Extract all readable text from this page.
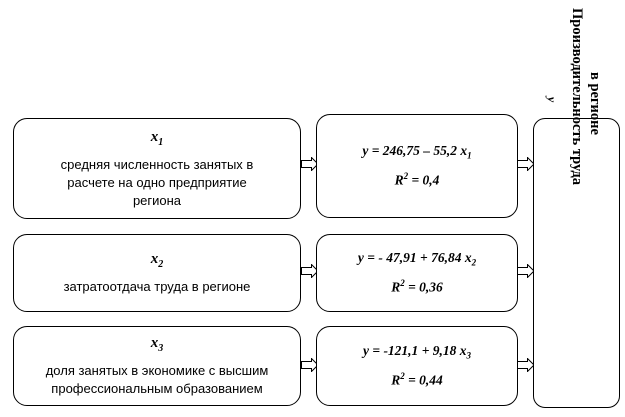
$x_1$
средняя численность занятых в
расчете на одно предприятие
региона
y = 246,75 – 55,2 $x_1$
$R^2 = 0,4$
$x_2$
затратоотдача труда в регионе
y = - 47,91 + 76,84 $x_2$
$R^2 = 0,36$
$x_3$
доля занятых в экономике с высшим
профессиональным образованием
y = -121,1 + 9,18 $x_3$
$R^2 = 0,44$
Производительность труда в регионе
y
